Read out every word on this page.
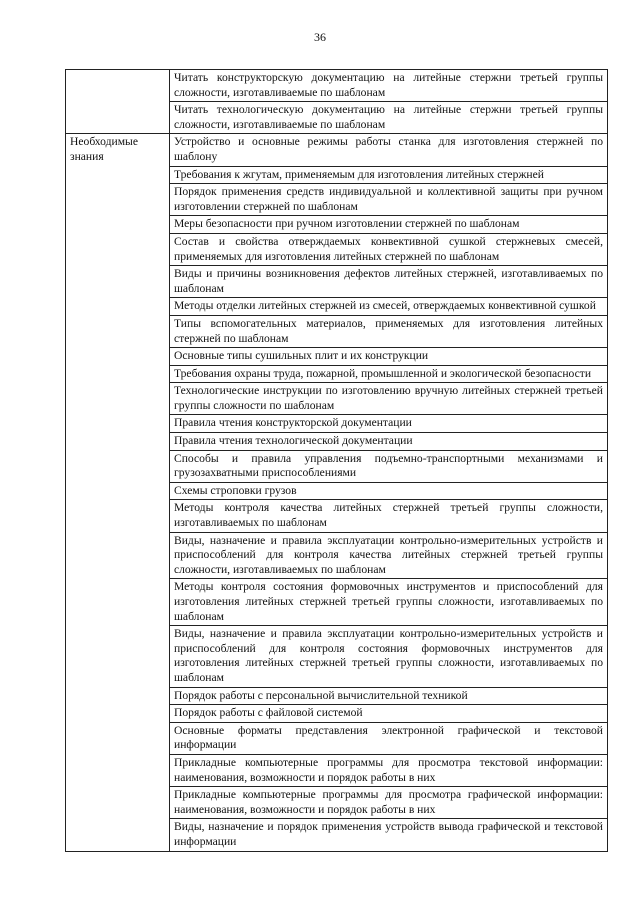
36
	Читать конструкторскую документацию на литейные стержни третьей группы сложности, изготавливаемые по шаблонам
	Читать технологическую документацию на литейные стержни третьей группы сложности, изготавливаемые по шаблонам
Необходимые знания	Устройство и основные режимы работы станка для изготовления стержней по шаблону
	Требования к жгутам, применяемым для изготовления литейных стержней
	Порядок применения средств индивидуальной и коллективной защиты при ручном изготовлении стержней по шаблонам
	Меры безопасности при ручном изготовлении стержней по шаблонам
	Состав и свойства отверждаемых конвективной сушкой стержневых смесей, применяемых для изготовления литейных стержней по шаблонам
	Виды и причины возникновения дефектов литейных стержней, изготавливаемых по шаблонам
	Методы отделки литейных стержней из смесей, отверждаемых конвективной сушкой
	Типы вспомогательных материалов, применяемых для изготовления литейных стержней по шаблонам
	Основные типы сушильных плит и их конструкции
	Требования охраны труда, пожарной, промышленной и экологической безопасности
	Технологические инструкции по изготовлению вручную литейных стержней третьей группы сложности по шаблонам
	Правила чтения конструкторской документации
	Правила чтения технологической документации
	Способы и правила управления подъемно-транспортными механизмами и грузозахватными приспособлениями
	Схемы строповки грузов
	Методы контроля качества литейных стержней третьей группы сложности, изготавливаемых по шаблонам
	Виды, назначение и правила эксплуатации контрольно-измерительных устройств и приспособлений для контроля качества литейных стержней третьей группы сложности, изготавливаемых по шаблонам
	Методы контроля состояния формовочных инструментов и приспособлений для изготовления литейных стержней третьей группы сложности, изготавливаемых по шаблонам
	Виды, назначение и правила эксплуатации контрольно-измерительных устройств и приспособлений для контроля состояния формовочных инструментов для изготовления литейных стержней третьей группы сложности, изготавливаемых по шаблонам
	Порядок работы с персональной вычислительной техникой
	Порядок работы с файловой системой
	Основные форматы представления электронной графической и текстовой информации
	Прикладные компьютерные программы для просмотра текстовой информации: наименования, возможности и порядок работы в них
	Прикладные компьютерные программы для просмотра графической информации: наименования, возможности и порядок работы в них
	Виды, назначение и порядок применения устройств вывода графической и текстовой информации
